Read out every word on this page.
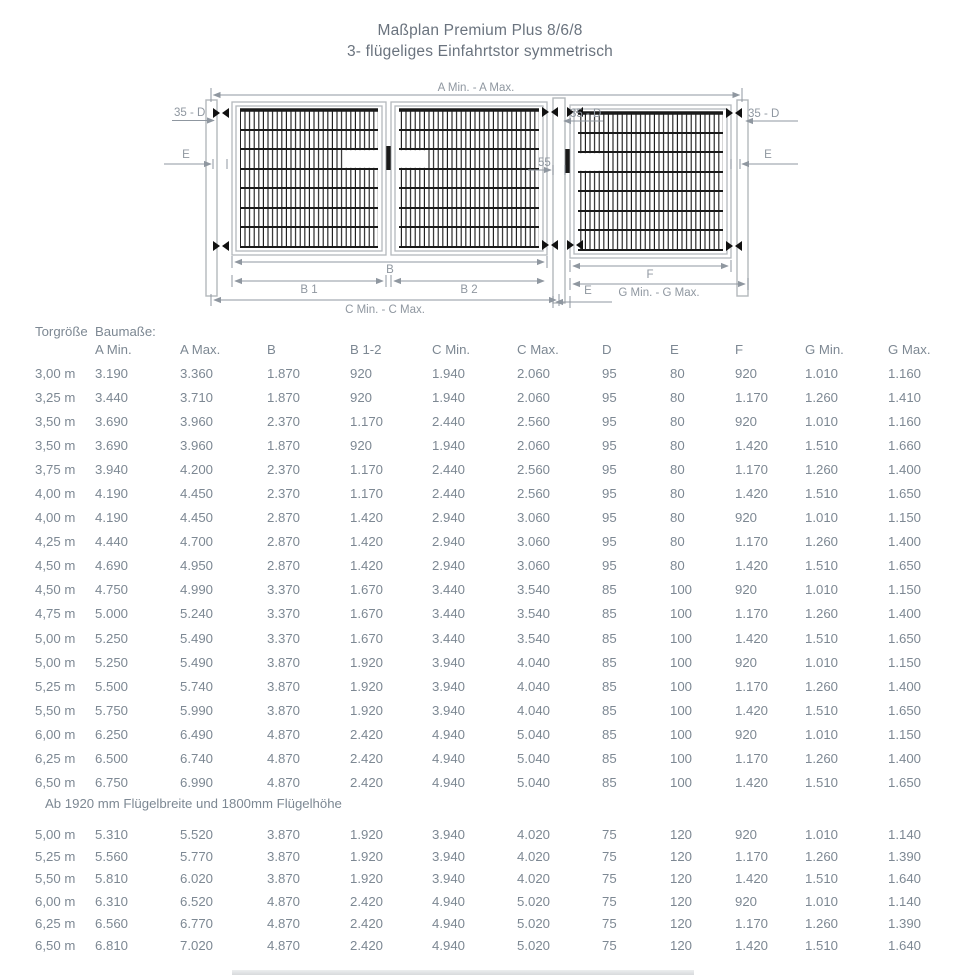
Maßplan Premium Plus 8/6/8
3- flügeliges Einfahrtstor symmetrisch
A Min. - A Max.
35 - D	35 - D	35 - D
E	E
55
B
B 1	B 2
F
G Min. - G Max.
C Min. - C Max.
E
Torgröße Baumaße:
A Min.	A Max.	B	B 1-2	C Min.	C Max.	D	E	F	G Min.	G Max.
3,00 m	3.190	3.360	1.870	920	1.940	2.060	95	80	920	1.010	1.160
3,25 m	3.440	3.710	1.870	920	1.940	2.060	95	80	1.170	1.260	1.410
3,50 m	3.690	3.960	2.370	1.170	2.440	2.560	95	80	920	1.010	1.160
3,50 m	3.690	3.960	1.870	920	1.940	2.060	95	80	1.420	1.510	1.660
3,75 m	3.940	4.200	2.370	1.170	2.440	2.560	95	80	1.170	1.260	1.400
4,00 m	4.190	4.450	2.370	1.170	2.440	2.560	95	80	1.420	1.510	1.650
4,00 m	4.190	4.450	2.870	1.420	2.940	3.060	95	80	920	1.010	1.150
4,25 m	4.440	4.700	2.870	1.420	2.940	3.060	95	80	1.170	1.260	1.400
4,50 m	4.690	4.950	2.870	1.420	2.940	3.060	95	80	1.420	1.510	1.650
4,50 m	4.750	4.990	3.370	1.670	3.440	3.540	85	100	920	1.010	1.150
4,75 m	5.000	5.240	3.370	1.670	3.440	3.540	85	100	1.170	1.260	1.400
5,00 m	5.250	5.490	3.370	1.670	3.440	3.540	85	100	1.420	1.510	1.650
5,00 m	5.250	5.490	3.870	1.920	3.940	4.040	85	100	920	1.010	1.150
5,25 m	5.500	5.740	3.870	1.920	3.940	4.040	85	100	1.170	1.260	1.400
5,50 m	5.750	5.990	3.870	1.920	3.940	4.040	85	100	1.420	1.510	1.650
6,00 m	6.250	6.490	4.870	2.420	4.940	5.040	85	100	920	1.010	1.150
6,25 m	6.500	6.740	4.870	2.420	4.940	5.040	85	100	1.170	1.260	1.400
6,50 m	6.750	6.990	4.870	2.420	4.940	5.040	85	100	1.420	1.510	1.650
Ab 1920 mm Flügelbreite und 1800mm Flügelhöhe
5,00 m	5.310	5.520	3.870	1.920	3.940	4.020	75	120	920	1.010	1.140
5,25 m	5.560	5.770	3.870	1.920	3.940	4.020	75	120	1.170	1.260	1.390
5,50 m	5.810	6.020	3.870	1.920	3.940	4.020	75	120	1.420	1.510	1.640
6,00 m	6.310	6.520	4.870	2.420	4.940	5.020	75	120	920	1.010	1.140
6,25 m	6.560	6.770	4.870	2.420	4.940	5.020	75	120	1.170	1.260	1.390
6,50 m	6.810	7.020	4.870	2.420	4.940	5.020	75	120	1.420	1.510	1.640
